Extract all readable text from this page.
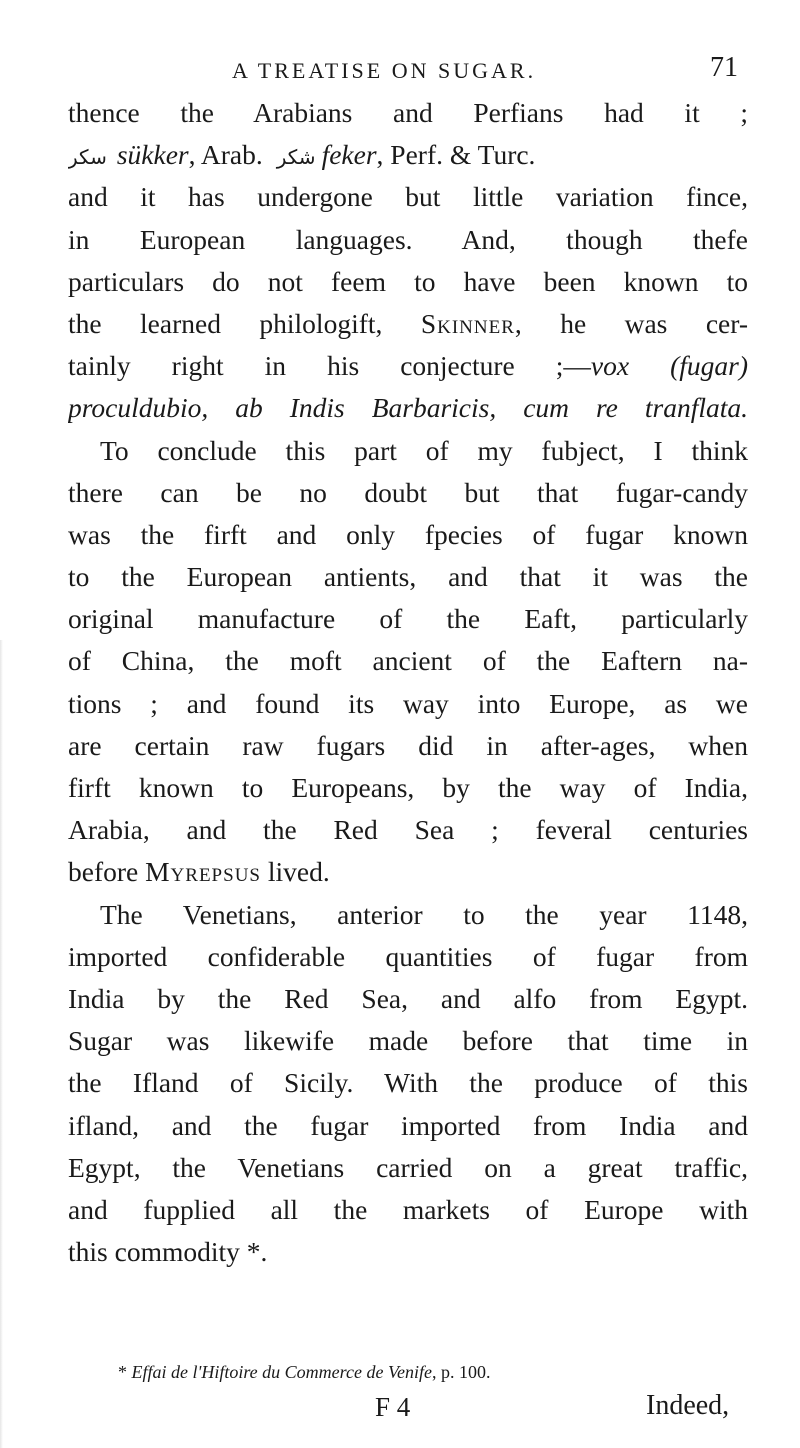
A TREATISE ON SUGAR.	71
thence the Arabians and Perfians had it ;
سكر sükker, Arab. شكر feker, Perf. & Turc.
and it has undergone but little variation fince,
in European languages. And, though thefe
particulars do not feem to have been known to
the learned philologift, Skinner, he was cer-
tainly right in his conjecture ;—vox (fugar)
proculdubio, ab Indis Barbaricis, cum re tranflata.
To conclude this part of my fubject, I think
there can be no doubt but that fugar-candy
was the firft and only fpecies of fugar known
to the European antients, and that it was the
original manufacture of the Eaft, particularly
of China, the moft ancient of the Eaftern na-
tions ; and found its way into Europe, as we
are certain raw fugars did in after-ages, when
firft known to Europeans, by the way of India,
Arabia, and the Red Sea ; feveral centuries
before Myrepsus lived.
The Venetians, anterior to the year 1148,
imported confiderable quantities of fugar from
India by the Red Sea, and alfo from Egypt.
Sugar was likewife made before that time in
the Ifland of Sicily. With the produce of this
ifland, and the fugar imported from India and
Egypt, the Venetians carried on a great traffic,
and fupplied all the markets of Europe with
this commodity *.
* Effai de l'Hiftoire du Commerce de Venife, p. 100.
F 4	Indeed,
